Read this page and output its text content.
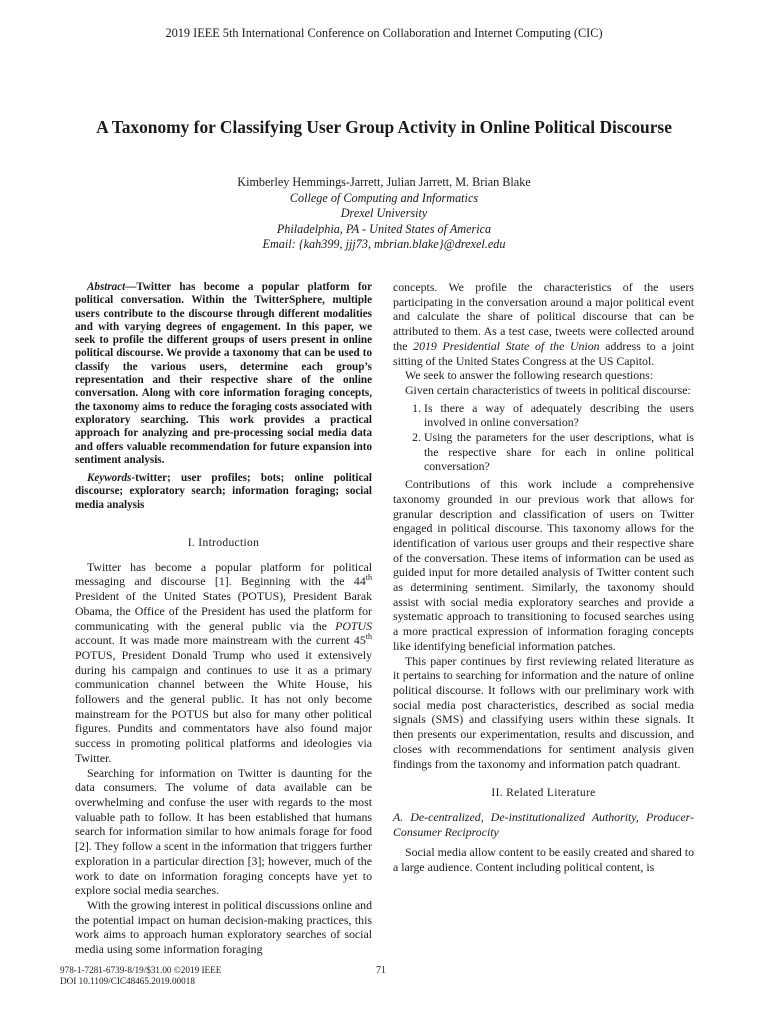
2019 IEEE 5th International Conference on Collaboration and Internet Computing (CIC)
A Taxonomy for Classifying User Group Activity in Online Political Discourse
Kimberley Hemmings-Jarrett, Julian Jarrett, M. Brian Blake
College of Computing and Informatics
Drexel University
Philadelphia, PA - United States of America
Email: {kah399, jjj73, mbrian.blake}@drexel.edu

Abstract—Twitter has become a popular platform for political conversation. Within the TwitterSphere, multiple users contribute to the discourse through different modalities and with varying degrees of engagement. In this paper, we seek to profile the different groups of users present in online political discourse. We provide a taxonomy that can be used to classify the various users, determine each group’s representation and their respective share of the online conversation. Along with core information foraging concepts, the taxonomy aims to reduce the foraging costs associated with exploratory searching. This work provides a practical approach for analyzing and pre-processing social media data and offers valuable recommendation for future expansion into sentiment analysis.

Keywords-twitter; user profiles; bots; online political discourse; exploratory search; information foraging; social media analysis

I. Introduction

Twitter has become a popular platform for political messaging and discourse [1]. Beginning with the 44th President of the United States (POTUS), President Barak Obama, the Office of the President has used the platform for communicating with the general public via the POTUS account. It was made more mainstream with the current 45th POTUS, President Donald Trump who used it extensively during his campaign and continues to use it as a primary communication channel between the White House, his followers and the general public. It has not only become mainstream for the POTUS but also for many other political figures. Pundits and commentators have also found major success in promoting political platforms and ideologies via Twitter.

Searching for information on Twitter is daunting for the data consumers. The volume of data available can be overwhelming and confuse the user with regards to the most valuable path to follow. It has been established that humans search for information similar to how animals forage for food [2]. They follow a scent in the information that triggers further exploration in a particular direction [3]; however, much of the work to date on information foraging concepts have yet to explore social media searches.

With the growing interest in political discussions online and the potential impact on human decision-making practices, this work aims to approach human exploratory searches of social media using some information foraging

concepts. We profile the characteristics of the users participating in the conversation around a major political event and calculate the share of political discourse that can be attributed to them. As a test case, tweets were collected around the 2019 Presidential State of the Union address to a joint sitting of the United States Congress at the US Capitol.

We seek to answer the following research questions:

Given certain characteristics of tweets in political discourse:

1. Is there a way of adequately describing the users involved in online conversation?
2. Using the parameters for the user descriptions, what is the respective share for each in online political conversation?

Contributions of this work include a comprehensive taxonomy grounded in our previous work that allows for granular description and classification of users on Twitter engaged in political discourse. This taxonomy allows for the identification of various user groups and their respective share of the conversation. These items of information can be used as guided input for more detailed analysis of Twitter content such as determining sentiment. Similarly, the taxonomy should assist with social media exploratory searches and provide a systematic approach to transitioning to focused searches using a more practical expression of information foraging concepts like identifying beneficial information patches.

This paper continues by first reviewing related literature as it pertains to searching for information and the nature of online political discourse. It follows with our preliminary work with social media post characteristics, described as social media signals (SMS) and classifying users within these signals. It then presents our experimentation, results and discussion, and closes with recommendations for sentiment analysis given findings from the taxonomy and information patch quadrant.

II. Related Literature

A. De-centralized, De-institutionalized Authority, Producer-Consumer Reciprocity

Social media allow content to be easily created and shared to a large audience. Content including political content, is

978-1-7281-6739-8/19/$31.00 ©2019 IEEE
DOI 10.1109/CIC48465.2019.00018
71
